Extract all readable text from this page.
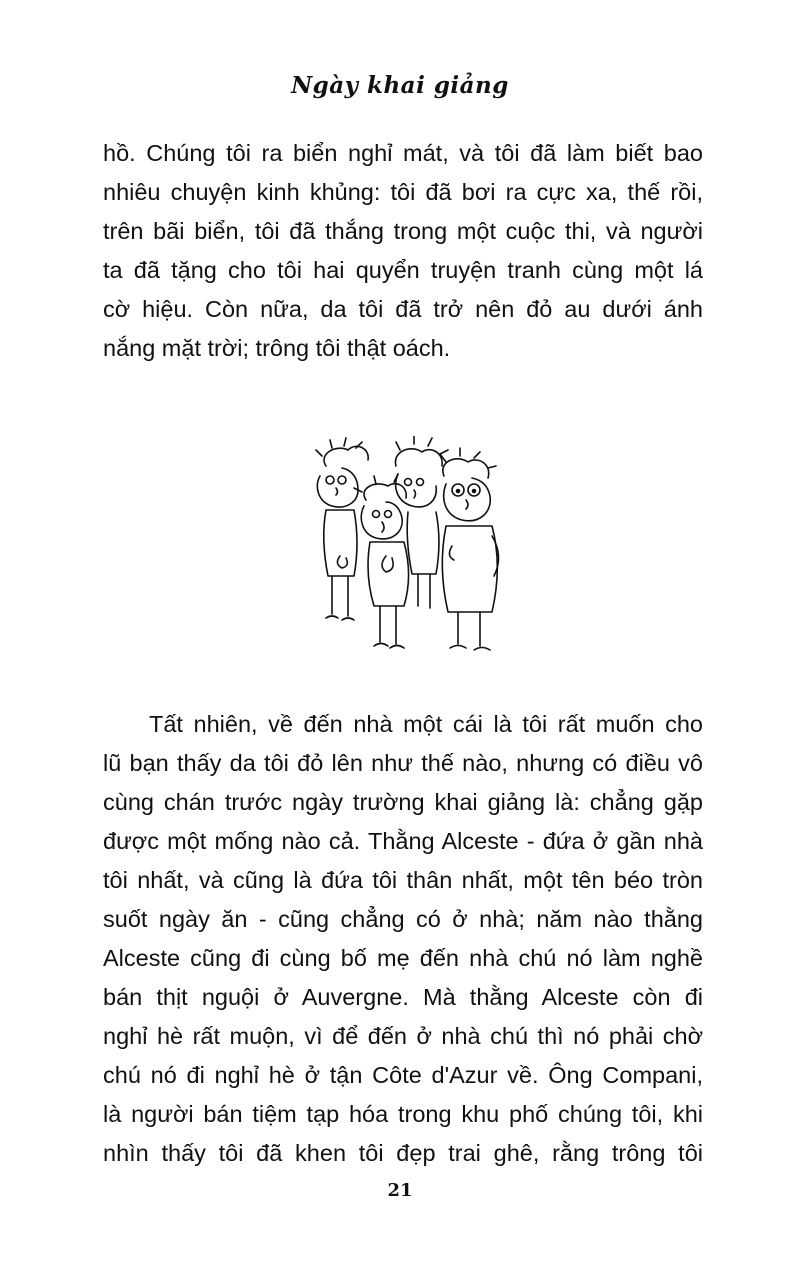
Ngày khai giảng

hồ. Chúng tôi ra biển nghỉ mát, và tôi đã làm biết bao
nhiêu chuyện kinh khủng: tôi đã bơi ra cực xa, thế rồi,
trên bãi biển, tôi đã thắng trong một cuộc thi, và người
ta đã tặng cho tôi hai quyển truyện tranh cùng một lá
cờ hiệu. Còn nữa, da tôi đã trở nên đỏ au dưới ánh
nắng mặt trời; trông tôi thật oách.

Tất nhiên, về đến nhà một cái là tôi rất muốn cho
lũ bạn thấy da tôi đỏ lên như thế nào, nhưng có điều vô
cùng chán trước ngày trường khai giảng là: chẳng gặp
được một mống nào cả. Thằng Alceste - đứa ở gần nhà
tôi nhất, và cũng là đứa tôi thân nhất, một tên béo tròn
suốt ngày ăn - cũng chẳng có ở nhà; năm nào thằng
Alceste cũng đi cùng bố mẹ đến nhà chú nó làm nghề
bán thịt nguội ở Auvergne. Mà thằng Alceste còn đi
nghỉ hè rất muộn, vì để đến ở nhà chú thì nó phải chờ
chú nó đi nghỉ hè ở tận Côte d'Azur về. Ông Compani,
là người bán tiệm tạp hóa trong khu phố chúng tôi, khi
nhìn thấy tôi đã khen tôi đẹp trai ghê, rằng trông tôi

21
